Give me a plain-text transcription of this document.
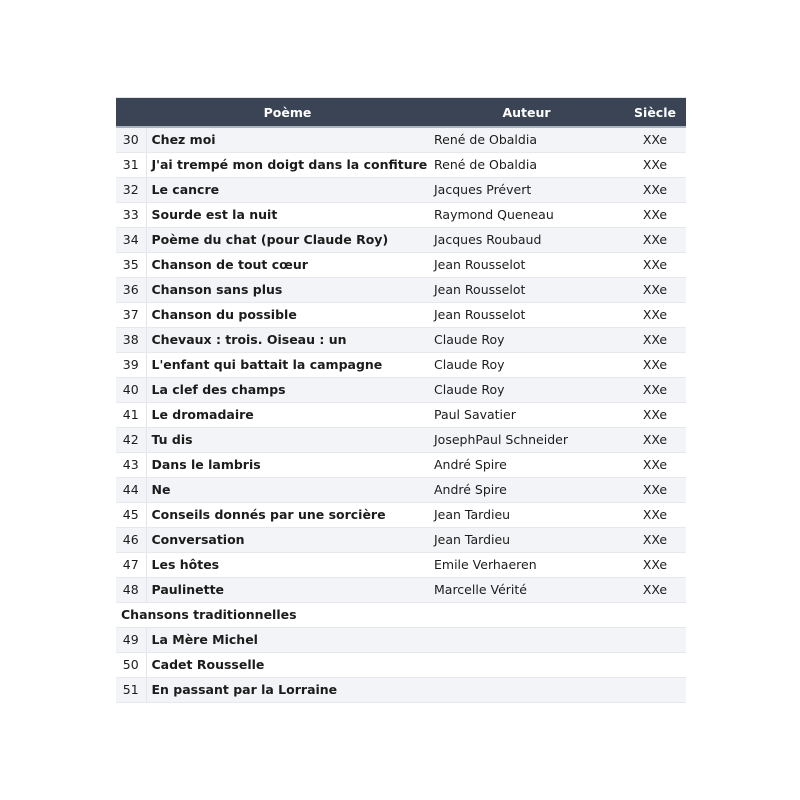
	Poème	Auteur	Siècle
30	Chez moi	René de Obaldia	XXe
31	J'ai trempé mon doigt dans la confiture	René de Obaldia	XXe
32	Le cancre	Jacques Prévert	XXe
33	Sourde est la nuit	Raymond Queneau	XXe
34	Poème du chat (pour Claude Roy)	Jacques Roubaud	XXe
35	Chanson de tout cœur	Jean Rousselot	XXe
36	Chanson sans plus	Jean Rousselot	XXe
37	Chanson du possible	Jean Rousselot	XXe
38	Chevaux : trois. Oiseau : un	Claude Roy	XXe
39	L'enfant qui battait la campagne	Claude Roy	XXe
40	La clef des champs	Claude Roy	XXe
41	Le dromadaire	Paul Savatier	XXe
42	Tu dis	JosephPaul Schneider	XXe
43	Dans le lambris	André Spire	XXe
44	Ne	André Spire	XXe
45	Conseils donnés par une sorcière	Jean Tardieu	XXe
46	Conversation	Jean Tardieu	XXe
47	Les hôtes	Emile Verhaeren	XXe
48	Paulinette	Marcelle Vérité	XXe
Chansons traditionnelles			
49	La Mère Michel		
50	Cadet Rousselle		
51	En passant par la Lorraine		
